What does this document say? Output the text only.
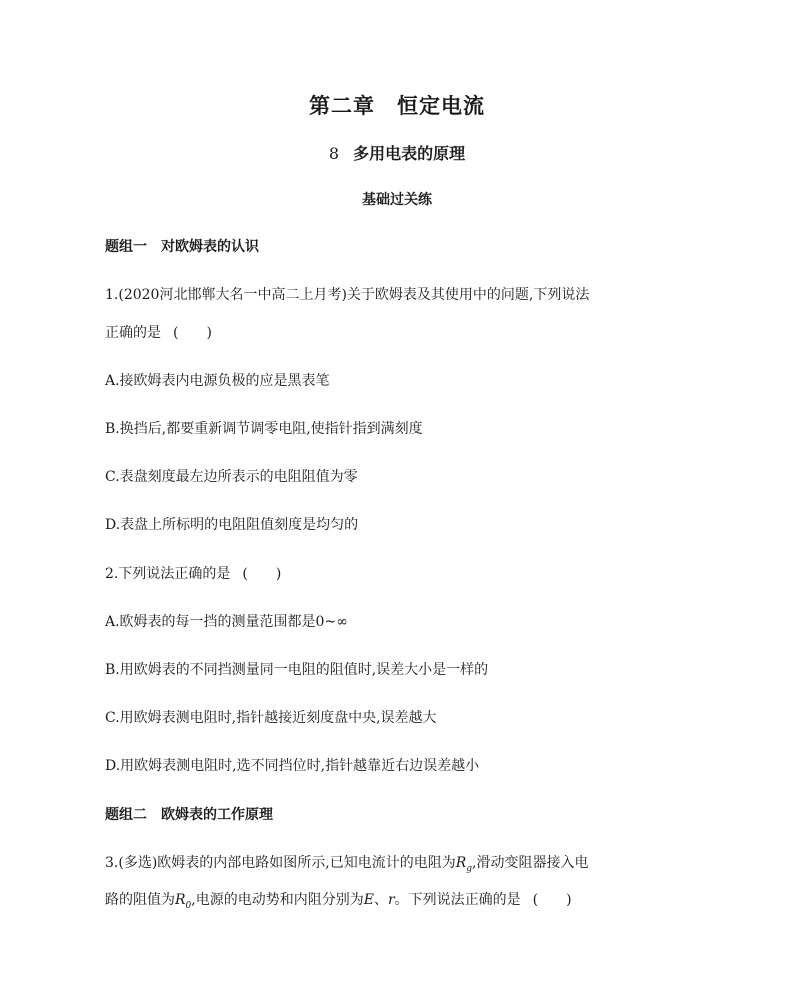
第二章　恒定电流
8 多用电表的原理
基础过关练
题组一 对欧姆表的认识
1.(2020河北邯郸大名一中高二上月考)关于欧姆表及其使用中的问题,下列说法
正确的是 (　　)
A.接欧姆表内电源负极的应是黑表笔
B.换挡后,都要重新调节调零电阻,使指针指到满刻度
C.表盘刻度最左边所表示的电阻阻值为零
D.表盘上所标明的电阻阻值刻度是均匀的
2.下列说法正确的是 (　　)
A.欧姆表的每一挡的测量范围都是0~∞
B.用欧姆表的不同挡测量同一电阻的阻值时,误差大小是一样的
C.用欧姆表测电阻时,指针越接近刻度盘中央,误差越大
D.用欧姆表测电阻时,选不同挡位时,指针越靠近右边误差越小
题组二 欧姆表的工作原理
3.(多选)欧姆表的内部电路如图所示,已知电流计的电阻为$R_g$,滑动变阻器接入电
路的阻值为$R_0$,电源的电动势和内阻分别为E、r。下列说法正确的是 (　　)
